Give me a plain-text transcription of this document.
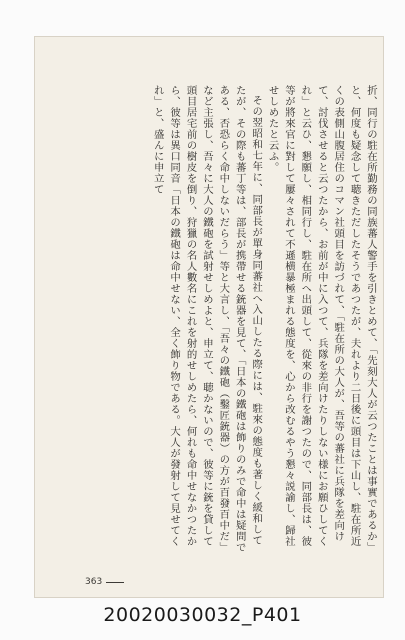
折、同行の駐在所勤務の同族蕃人警手を引きとめて、「先刻大人が云つたことは事實であるか」と、何度も疑念して聴きただしたそうであつたが、夫れより二日後に頭目は下山し、駐在所近くの表側山腹居住のコマン社頭目を訪づれて、「駐在所の大人が、吾等の蕃社に兵隊を差向けて、討伐させると云つたから、お前が中に入つて、兵隊を差向けたりしない様にお願ひしてくれ」と云ひ、懇願し、相同行し、駐在所へ出頭して、從來の非行を謝つたので、同部長は、彼等が將來官に對して屢々されて不遜横暴極まれる態度を、心から改むるやう懇々説諭し、歸社せしめたと云ふ。

その翌昭和七年に、同部長が單身同蕃社へ入山したる際には、駐來の態度も著しく緩和してたが、その際も蕃丁等は、部長が携帶せる銃器を見て、「日本の鐵砲は飾りのみで命中は疑問である、否恐らく命中しないだらう」等と大言し、「吾々の鐵砲（鑿匠銃器）の方が百發百中だ」など主張し、吾々に大人の鐵砲を試射せしめよと、申立て、聴かないので、彼等に銃を貸して頭目居宅前の樹皮を倒り、狩獵の名人數名にこれを射的せしめたら、何れも命中せなかつたから、彼等は異口同音「日本の鐵砲は命中せない、全く飾り物である。大人が發射して見せてくれ」と、盛んに申立て

363
20020030032_P401
